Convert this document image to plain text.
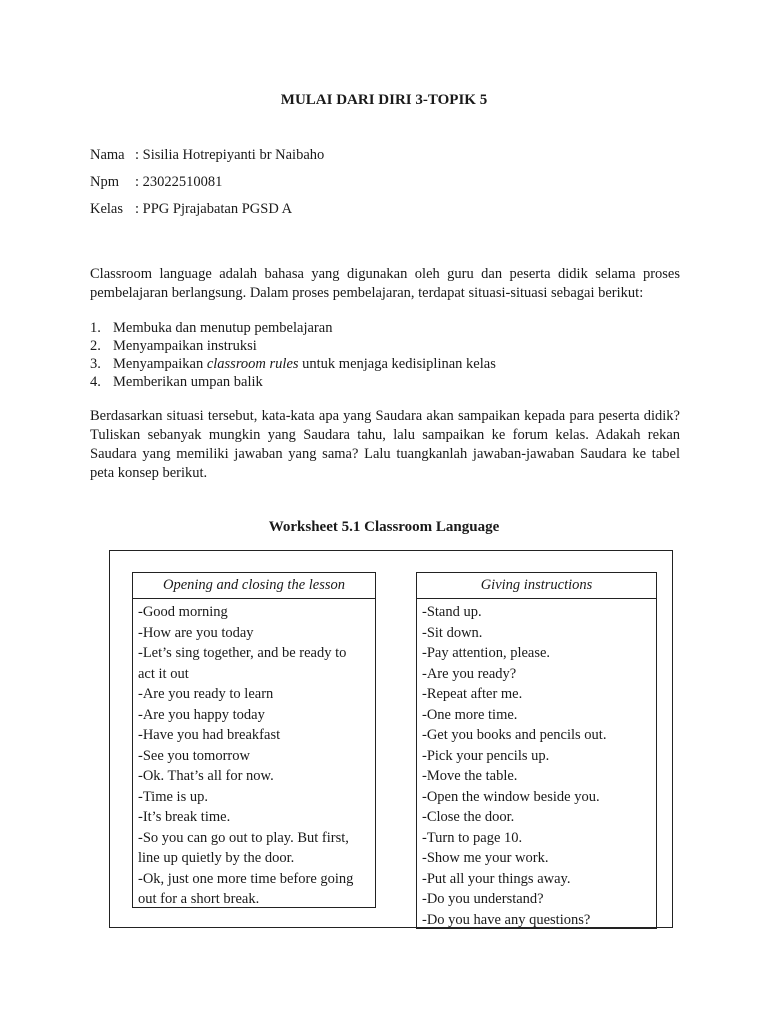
MULAI DARI DIRI 3-TOPIK 5
Nama : Sisilia Hotrepiyanti br Naibaho
Npm	: 23022510081
Kelas : PPG Pjrajabatan PGSD A
Classroom language adalah bahasa yang digunakan oleh guru dan peserta didik selama proses pembelajaran berlangsung. Dalam proses pembelajaran, terdapat situasi-situasi sebagai berikut:
1. Membuka dan menutup pembelajaran
2. Menyampaikan instruksi
3. Menyampaikan classroom rules untuk menjaga kedisiplinan kelas
4. Memberikan umpan balik
Berdasarkan situasi tersebut, kata-kata apa yang Saudara akan sampaikan kepada para peserta didik? Tuliskan sebanyak mungkin yang Saudara tahu, lalu sampaikan ke forum kelas. Adakah rekan Saudara yang memiliki jawaban yang sama? Lalu tuangkanlah jawaban-jawaban Saudara ke tabel peta konsep berikut.
Worksheet 5.1 Classroom Language
Opening and closing the lesson
-Good morning
-How are you today
-Let’s sing together, and be ready to
act it out
-Are you ready to learn
-Are you happy today
-Have you had breakfast
-See you tomorrow
-Ok. That’s all for now.
-Time is up.
-It’s break time.
-So you can go out to play. But first,
line up quietly by the door.
-Ok, just one more time before going
out for a short break.
Giving instructions
-Stand up.
-Sit down.
-Pay attention, please.
-Are you ready?
-Repeat after me.
-One more time.
-Get you books and pencils out.
-Pick your pencils up.
-Move the table.
-Open the window beside you.
-Close the door.
-Turn to page 10.
-Show me your work.
-Put all your things away.
-Do you understand?
-Do you have any questions?
